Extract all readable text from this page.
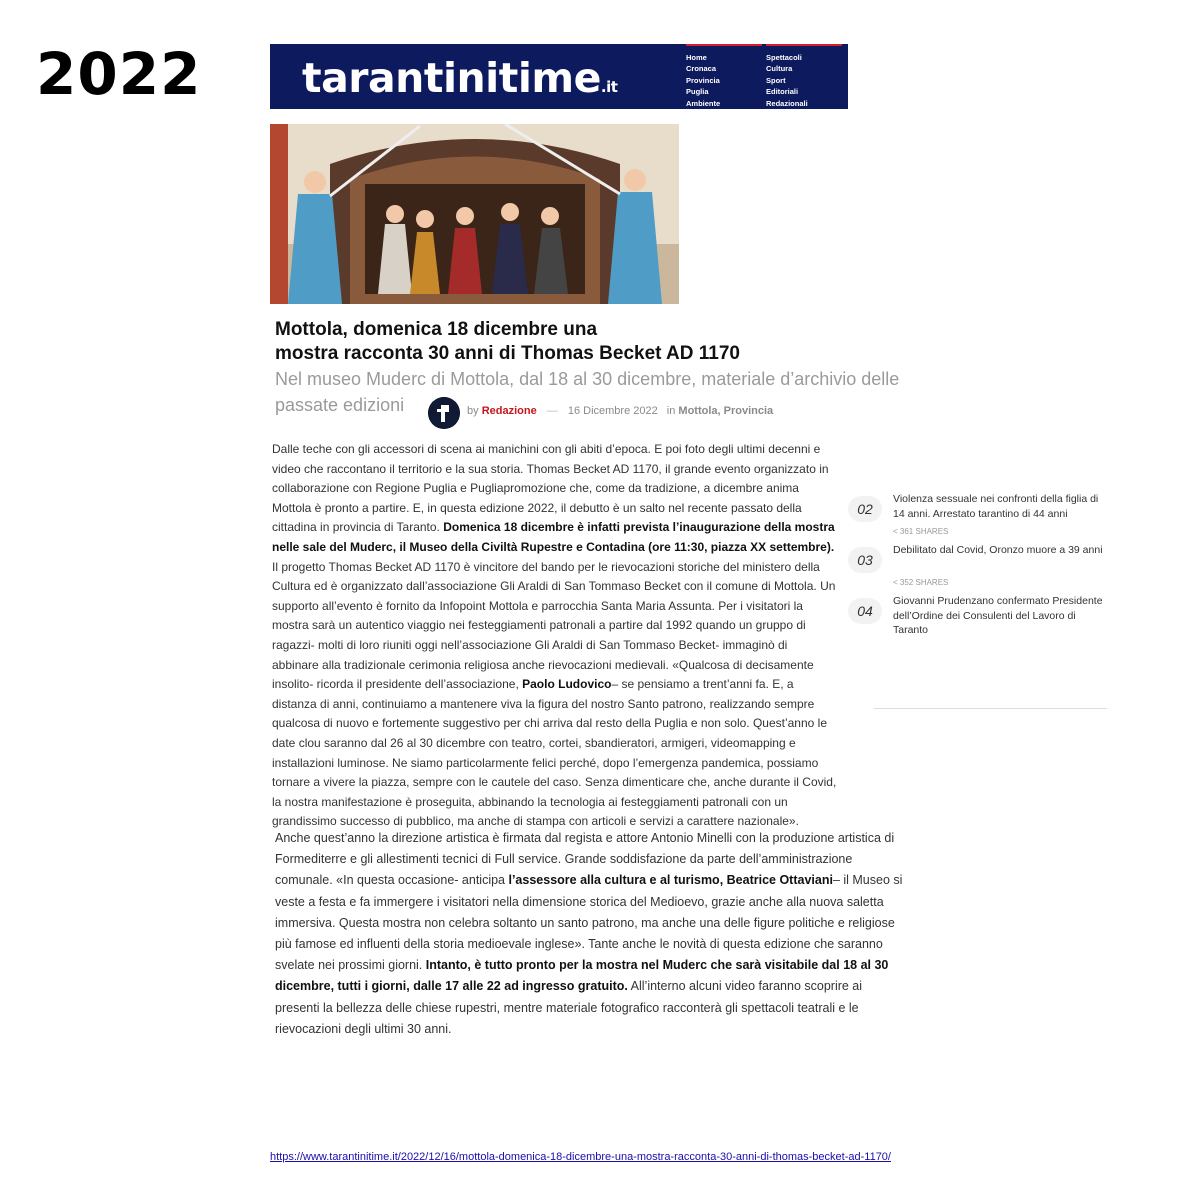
2022 tarantinitime.it
Home
Cronaca
Provincia
Puglia
Ambiente
Spettacoli
Cultura
Sport
Editoriali
Redazionali
Mottola, domenica 18 dicembre una
mostra racconta 30 anni di Thomas Becket AD 1170
Nel museo Muderc di Mottola, dal 18 al 30 dicembre, materiale d’archivio delle passate edizioni	by Redazione — 16 Dicembre 2022 in Mottola, Provincia

Dalle teche con gli accessori di scena ai manichini con gli abiti d’epoca. E poi foto degli ultimi decenni e video che raccontano il territorio e la sua storia. Thomas Becket AD 1170, il grande evento organizzato in collaborazione con Regione Puglia e Pugliapromozione che, come da tradizione, a dicembre anima Mottola è pronto a partire. E, in questa edizione 2022, il debutto è un salto nel recente passato della cittadina in provincia di Taranto. Domenica 18 dicembre è infatti prevista l’inaugurazione della mostra nelle sale del Muderc, il Museo della Civiltà Rupestre e Contadina (ore 11:30, piazza XX settembre).

Il progetto Thomas Becket AD 1170 è vincitore del bando per le rievocazioni storiche del ministero della Cultura ed è organizzato dall’associazione Gli Araldi di San Tommaso Becket con il comune di Mottola. Un supporto all’evento è fornito da Infopoint Mottola e parrocchia Santa Maria Assunta. Per i visitatori la mostra sarà un autentico viaggio nei festeggiamenti patronali a partire dal 1992 quando un gruppo di ragazzi- molti di loro riuniti oggi nell’associazione Gli Araldi di San Tommaso Becket- immaginò di abbinare alla tradizionale cerimonia religiosa anche rievocazioni medievali. «Qualcosa di decisamente insolito- ricorda il presidente dell’associazione, Paolo Ludovico– se pensiamo a trent’anni fa. E, a distanza di anni, continuiamo a mantenere viva la figura del nostro Santo patrono, realizzando sempre qualcosa di nuovo e fortemente suggestivo per chi arriva dal resto della Puglia e non solo. Quest’anno le date clou saranno dal 26 al 30 dicembre con teatro, cortei, sbandieratori, armigeri, videomapping e installazioni luminose. Ne siamo particolarmente felici perché, dopo l’emergenza pandemica, possiamo tornare a vivere la piazza, sempre con le cautele del caso. Senza dimenticare che, anche durante il Covid, la nostra manifestazione è proseguita, abbinando la tecnologia ai festeggiamenti patronali con un grandissimo successo di pubblico, ma anche di stampa con articoli e servizi a carattere nazionale».

Anche quest’anno la direzione artistica è firmata dal regista e attore Antonio Minelli con la produzione artistica di Formediterre e gli allestimenti tecnici di Full service. Grande soddisfazione da parte dell’amministrazione comunale. «In questa occasione- anticipa l’assessore alla cultura e al turismo, Beatrice Ottaviani– il Museo si veste a festa e fa immergere i visitatori nella dimensione storica del Medioevo, grazie anche alla nuova saletta immersiva. Questa mostra non celebra soltanto un santo patrono, ma anche una delle figure politiche e religiose più famose ed influenti della storia medioevale inglese». Tante anche le novità di questa edizione che saranno svelate nei prossimi giorni. Intanto, è tutto pronto per la mostra nel Muderc che sarà visitabile dal 18 al 30 dicembre, tutti i giorni, dalle 17 alle 22 ad ingresso gratuito. All’interno alcuni video faranno scoprire ai presenti la bellezza delle chiese rupestri, mentre materiale fotografico racconterà gli spettacoli teatrali e le rievocazioni degli ultimi 30 anni.

02
Violenza sessuale nei confronti della figlia di 14 anni. Arrestato tarantino di 44 anni
< 361 SHARES
03
Debilitato dal Covid, Oronzo muore a 39 anni
< 352 SHARES
04
Giovanni Prudenzano confermato Presidente dell’Ordine dei Consulenti del Lavoro di Taranto
https://www.tarantinitime.it/2022/12/16/mottola-domenica-18-dicembre-una-mostra-racconta-30-anni-di-thomas-becket-ad-1170/
